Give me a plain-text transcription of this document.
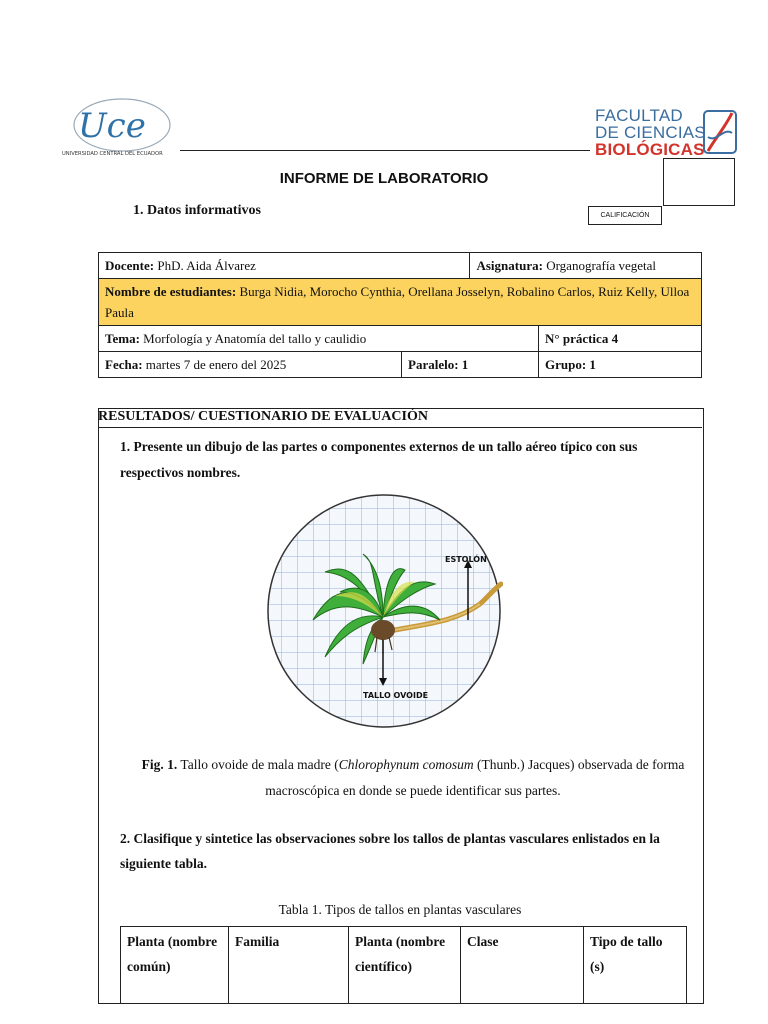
Uce
UNIVERSIDAD CENTRAL DEL ECUADOR
FACULTAD
DE CIENCIAS
BIOLÓGICAS
CALIFICACIÓN
INFORME DE LABORATORIO
1. Datos informativos
Docente: PhD. Aida Álvarez		Asignatura: Organografía vegetal	
Nombre de estudiantes: Burga Nidia, Morocho Cynthia, Orellana Josselyn, Robalino Carlos, Ruiz Kelly, Ulloa Paula			
Tema: Morfología y Anatomía del tallo y caulidio			N° práctica 4
Fecha: martes 7 de enero del 2025	Paralelo: 1		Grupo: 1
RESULTADOS/ CUESTIONARIO DE EVALUACIÓN
1. Presente un dibujo de las partes o componentes externos de un tallo aéreo típico con sus respectivos nombres.
ESTOLÓN
TALLO OVOIDE
Fig. 1. Tallo ovoide de mala madre (Chlorophynum comosum (Thunb.) Jacques) observada de forma macroscópica en donde se puede identificar sus partes.
2. Clasifique y sintetice las observaciones sobre los tallos de plantas vasculares enlistados en la siguiente tabla.
Tabla 1. Tipos de tallos en plantas vasculares
Planta (nombre común)	Familia	Planta (nombre científico)	Clase	Tipo de tallo (s)
